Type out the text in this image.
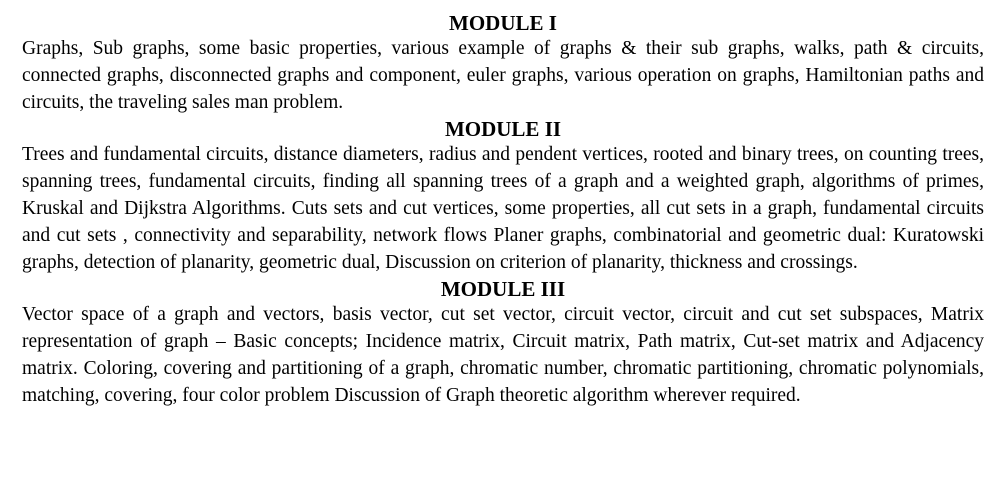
MODULE I

Graphs, Sub graphs, some basic properties, various example of graphs & their sub graphs, walks, path & circuits, connected graphs, disconnected graphs and component, euler graphs, various operation on graphs, Hamiltonian paths and circuits, the traveling sales man problem.

MODULE II

Trees and fundamental circuits, distance diameters, radius and pendent vertices, rooted and binary trees, on counting trees, spanning trees, fundamental circuits, finding all spanning trees of a graph and a weighted graph, algorithms of primes, Kruskal and Dijkstra Algorithms. Cuts sets and cut vertices, some properties, all cut sets in a graph, fundamental circuits and cut sets , connectivity and separability, network flows Planer graphs, combinatorial and geometric dual: Kuratowski graphs, detection of planarity, geometric dual, Discussion on criterion of planarity, thickness and crossings.

MODULE III

Vector space of a graph and vectors, basis vector, cut set vector, circuit vector, circuit and cut set subspaces, Matrix representation of graph – Basic concepts; Incidence matrix, Circuit matrix, Path matrix, Cut-set matrix and Adjacency matrix. Coloring, covering and partitioning of a graph, chromatic number, chromatic partitioning, chromatic polynomials, matching, covering, four color problem Discussion of Graph theoretic algorithm wherever required.
